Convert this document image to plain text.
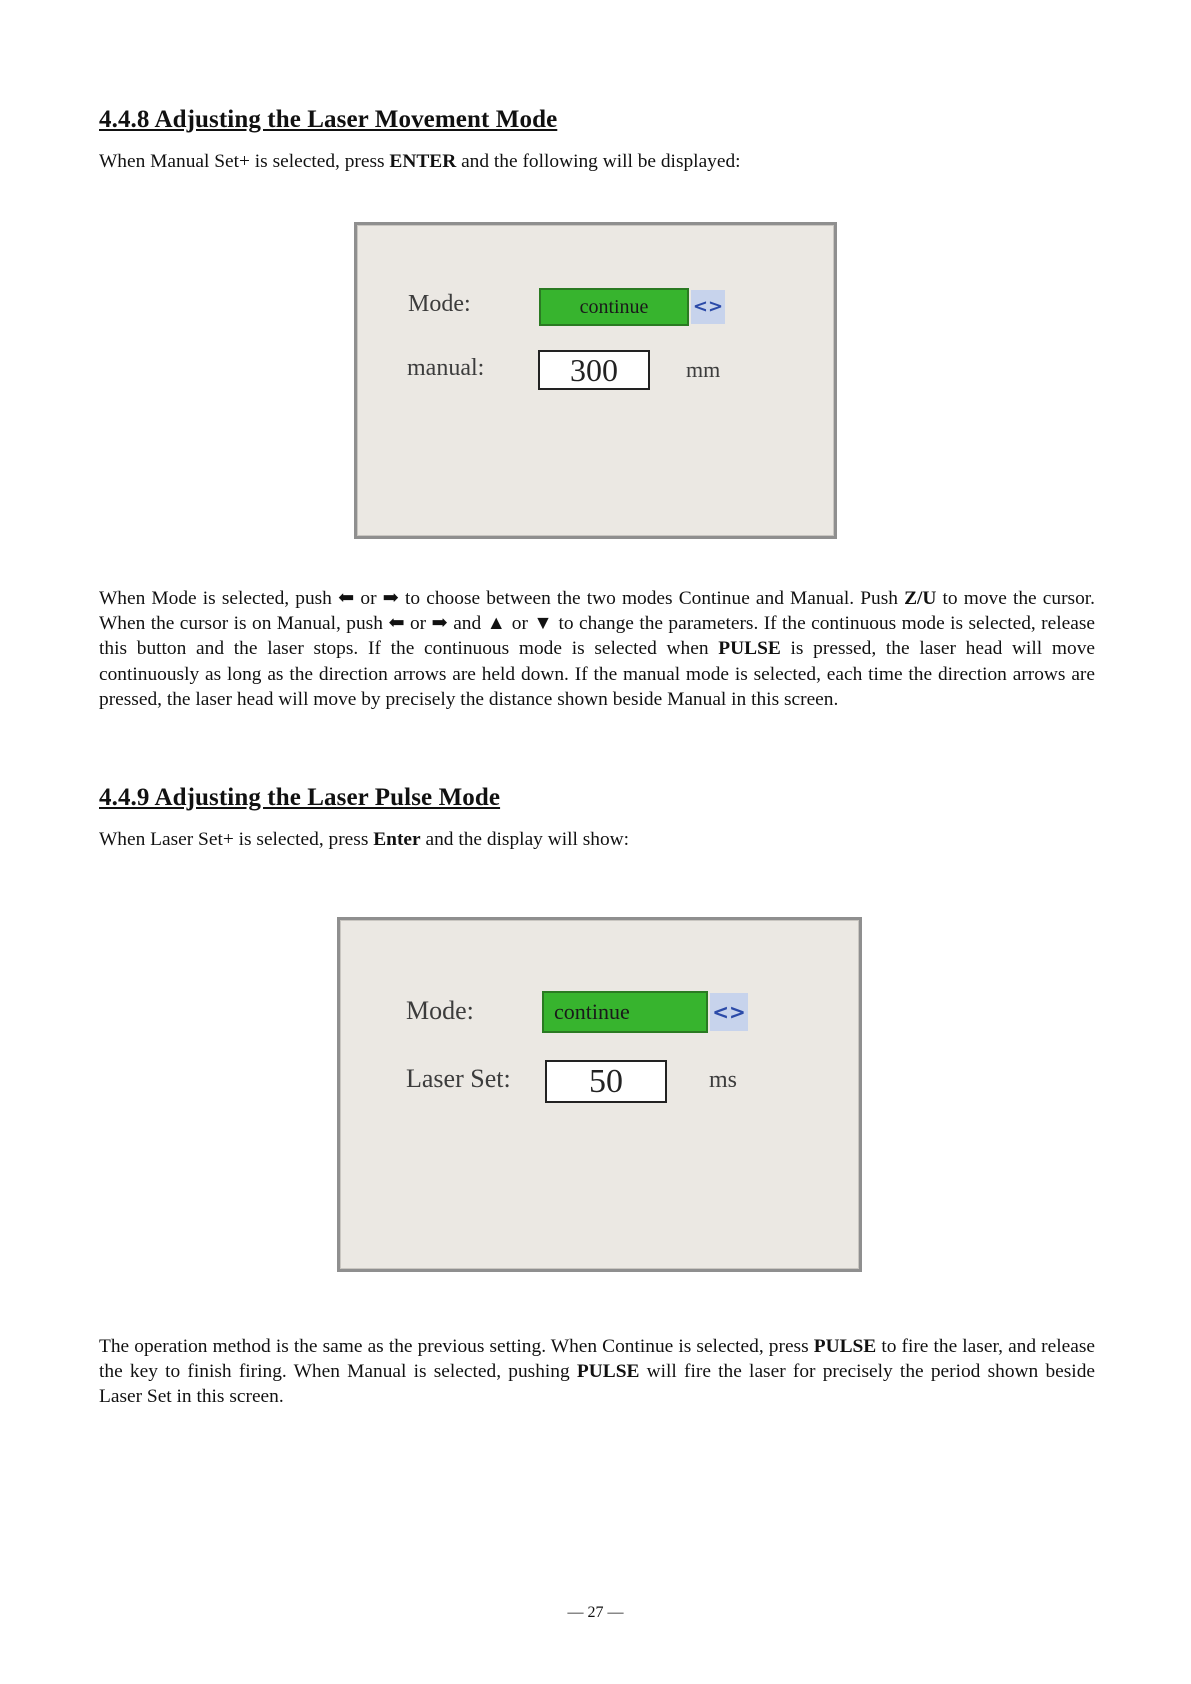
4.4.8 Adjusting the Laser Movement Mode

When Manual Set+ is selected, press ENTER and the following will be displayed:

Mode:	continue	<>
manual:	300	mm

When Mode is selected, push ⬅ or ➡ to choose between the two modes Continue and Manual. Push Z/U to move the cursor. When the cursor is on Manual, push ⬅ or ➡ and ▲ or ▼ to change the parameters. If the continuous mode is selected, release this button and the laser stops. If the continuous mode is selected when PULSE is pressed, the laser head will move continuously as long as the direction arrows are held down. If the manual mode is selected, each time the direction arrows are pressed, the laser head will move by precisely the distance shown beside Manual in this screen.

4.4.9 Adjusting the Laser Pulse Mode

When Laser Set+ is selected, press Enter and the display will show:

Mode:	continue	<>
Laser Set:	50	ms

The operation method is the same as the previous setting. When Continue is selected, press PULSE to fire the laser, and release the key to finish firing. When Manual is selected, pushing PULSE will fire the laser for precisely the period shown beside Laser Set in this screen.

— 27 —
